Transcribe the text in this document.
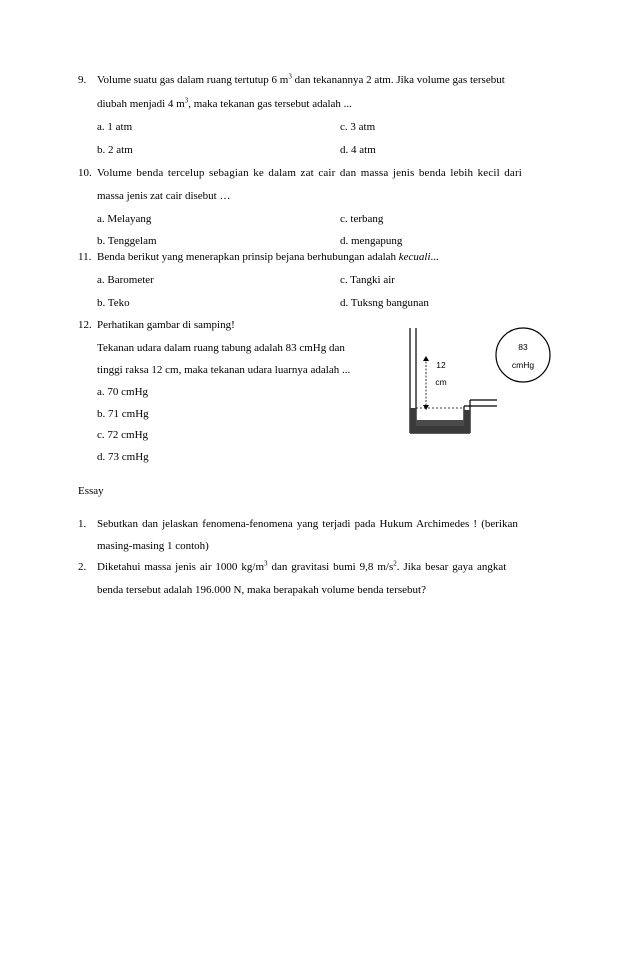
9. Volume suatu gas dalam ruang tertutup 6 $m^3$ dan tekanannya 2 atm. Jika volume gas tersebut
diubah menjadi 4 $m^3$, maka tekanan gas tersebut adalah ...
a. 1 atm	c. 3 atm
b. 2 atm	d. 4 atm
10. Volume benda tercelup sebagian ke dalam zat cair dan massa jenis benda lebih kecil dari
massa jenis zat cair disebut …
a. Melayang	c. terbang
b. Tenggelam	d. mengapung
11. Benda berikut yang menerapkan prinsip bejana berhubungan adalah kecuali...
a. Barometer	c. Tangki air
b. Teko	d. Tuksng bangunan
12. Perhatikan gambar di samping!
Tekanan udara dalam ruang tabung adalah 83 cmHg dan
tinggi raksa 12 cm, maka tekanan udara luarnya adalah ...
a. 70 cmHg
b. 71 cmHg
c. 72 cmHg
d. 73 cmHg
12
cm
83
cmHg
Essay
1. Sebutkan dan jelaskan fenomena-fenomena yang terjadi pada Hukum Archimedes ! (berikan
masing-masing 1 contoh)
2. Diketahui massa jenis air 1000 $kg/m^3$ dan gravitasi bumi 9,8 $m/s^2$. Jika besar gaya angkat
benda tersebut adalah 196.000 N, maka berapakah volume benda tersebut?
